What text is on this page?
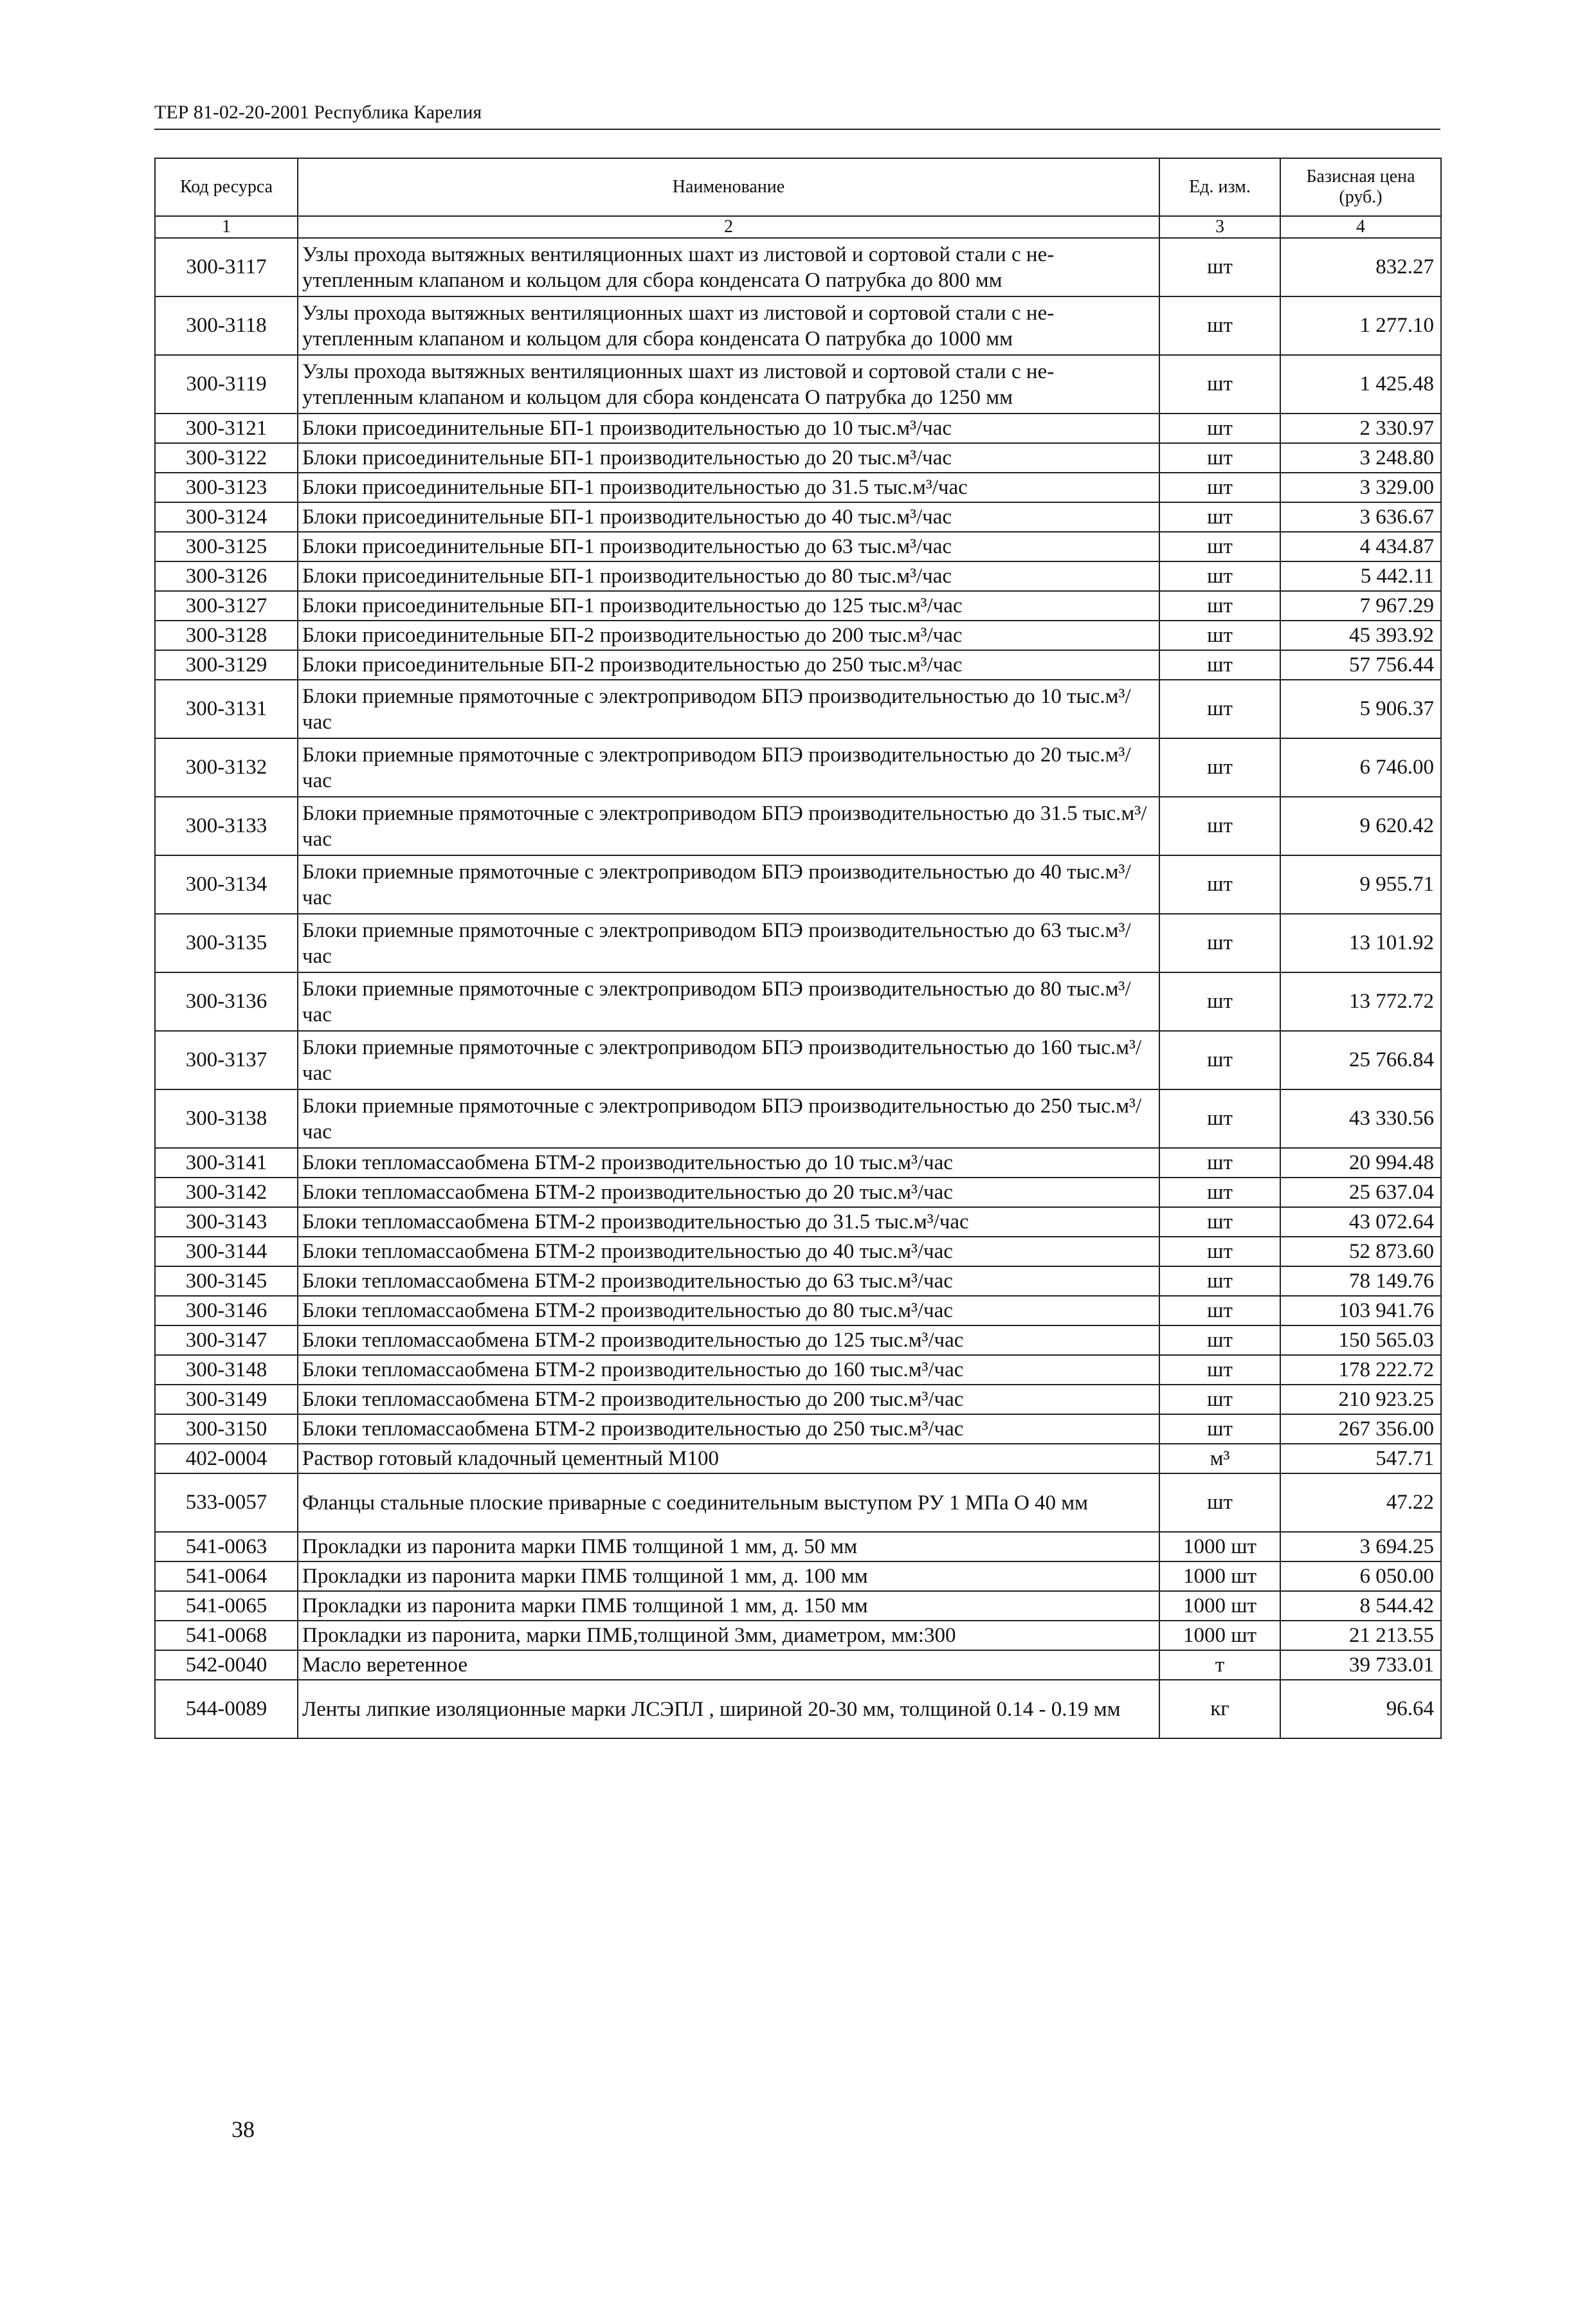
ТЕР 81-02-20-2001 Республика Карелия
Код ресурса	Наименование	Ед. изм.	Базисная цена (руб.)
1	2	3	4
300-3117	Узлы прохода вытяжных вентиляционных шахт из листовой и сортовой стали с не-утепленным клапаном и кольцом для сбора конденсата О патрубка до 800 мм	шт	832.27
300-3118	Узлы прохода вытяжных вентиляционных шахт из листовой и сортовой стали с не-утепленным клапаном и кольцом для сбора конденсата О патрубка до 1000 мм	шт	1 277.10
300-3119	Узлы прохода вытяжных вентиляционных шахт из листовой и сортовой стали с не-утепленным клапаном и кольцом для сбора конденсата О патрубка до 1250 мм	шт	1 425.48
300-3121	Блоки присоединительные БП-1 производительностью до 10 тыс.м³/час	шт	2 330.97
300-3122	Блоки присоединительные БП-1 производительностью до 20 тыс.м³/час	шт	3 248.80
300-3123	Блоки присоединительные БП-1 производительностью до 31.5 тыс.м³/час	шт	3 329.00
300-3124	Блоки присоединительные БП-1 производительностью до 40 тыс.м³/час	шт	3 636.67
300-3125	Блоки присоединительные БП-1 производительностью до 63 тыс.м³/час	шт	4 434.87
300-3126	Блоки присоединительные БП-1 производительностью до 80 тыс.м³/час	шт	5 442.11
300-3127	Блоки присоединительные БП-1 производительностью до 125 тыс.м³/час	шт	7 967.29
300-3128	Блоки присоединительные БП-2 производительностью до 200 тыс.м³/час	шт	45 393.92
300-3129	Блоки присоединительные БП-2 производительностью до 250 тыс.м³/час	шт	57 756.44
300-3131	Блоки приемные прямоточные с электроприводом БПЭ производительностью до 10 тыс.м³/час	шт	5 906.37
300-3132	Блоки приемные прямоточные с электроприводом БПЭ производительностью до 20 тыс.м³/час	шт	6 746.00
300-3133	Блоки приемные прямоточные с электроприводом БПЭ производительностью до 31.5 тыс.м³/час	шт	9 620.42
300-3134	Блоки приемные прямоточные с электроприводом БПЭ производительностью до 40 тыс.м³/час	шт	9 955.71
300-3135	Блоки приемные прямоточные с электроприводом БПЭ производительностью до 63 тыс.м³/час	шт	13 101.92
300-3136	Блоки приемные прямоточные с электроприводом БПЭ производительностью до 80 тыс.м³/час	шт	13 772.72
300-3137	Блоки приемные прямоточные с электроприводом БПЭ производительностью до 160 тыс.м³/час	шт	25 766.84
300-3138	Блоки приемные прямоточные с электроприводом БПЭ производительностью до 250 тыс.м³/час	шт	43 330.56
300-3141	Блоки тепломассаобмена БТМ-2 производительностью до 10 тыс.м³/час	шт	20 994.48
300-3142	Блоки тепломассаобмена БТМ-2 производительностью до 20 тыс.м³/час	шт	25 637.04
300-3143	Блоки тепломассаобмена БТМ-2 производительностью до 31.5 тыс.м³/час	шт	43 072.64
300-3144	Блоки тепломассаобмена БТМ-2 производительностью до 40 тыс.м³/час	шт	52 873.60
300-3145	Блоки тепломассаобмена БТМ-2 производительностью до 63 тыс.м³/час	шт	78 149.76
300-3146	Блоки тепломассаобмена БТМ-2 производительностью до 80 тыс.м³/час	шт	103 941.76
300-3147	Блоки тепломассаобмена БТМ-2 производительностью до 125 тыс.м³/час	шт	150 565.03
300-3148	Блоки тепломассаобмена БТМ-2 производительностью до 160 тыс.м³/час	шт	178 222.72
300-3149	Блоки тепломассаобмена БТМ-2 производительностью до 200 тыс.м³/час	шт	210 923.25
300-3150	Блоки тепломассаобмена БТМ-2 производительностью до 250 тыс.м³/час	шт	267 356.00
402-0004	Раствор готовый кладочный цементный М100	м³	547.71
533-0057	Фланцы стальные плоские приварные с соединительным выступом РУ 1 МПа О 40 мм	шт	47.22
541-0063	Прокладки из паронита марки ПМБ толщиной 1 мм, д. 50 мм	1000 шт	3 694.25
541-0064	Прокладки из паронита марки ПМБ толщиной 1 мм, д. 100 мм	1000 шт	6 050.00
541-0065	Прокладки из паронита марки ПМБ толщиной 1 мм, д. 150 мм	1000 шт	8 544.42
541-0068	Прокладки из паронита, марки ПМБ,толщиной 3мм, диаметром, мм:300	1000 шт	21 213.55
542-0040	Масло веретенное	т	39 733.01
544-0089	Ленты липкие изоляционные марки ЛСЭПЛ , шириной 20-30 мм, толщиной 0.14 - 0.19 мм	кг	96.64
38
